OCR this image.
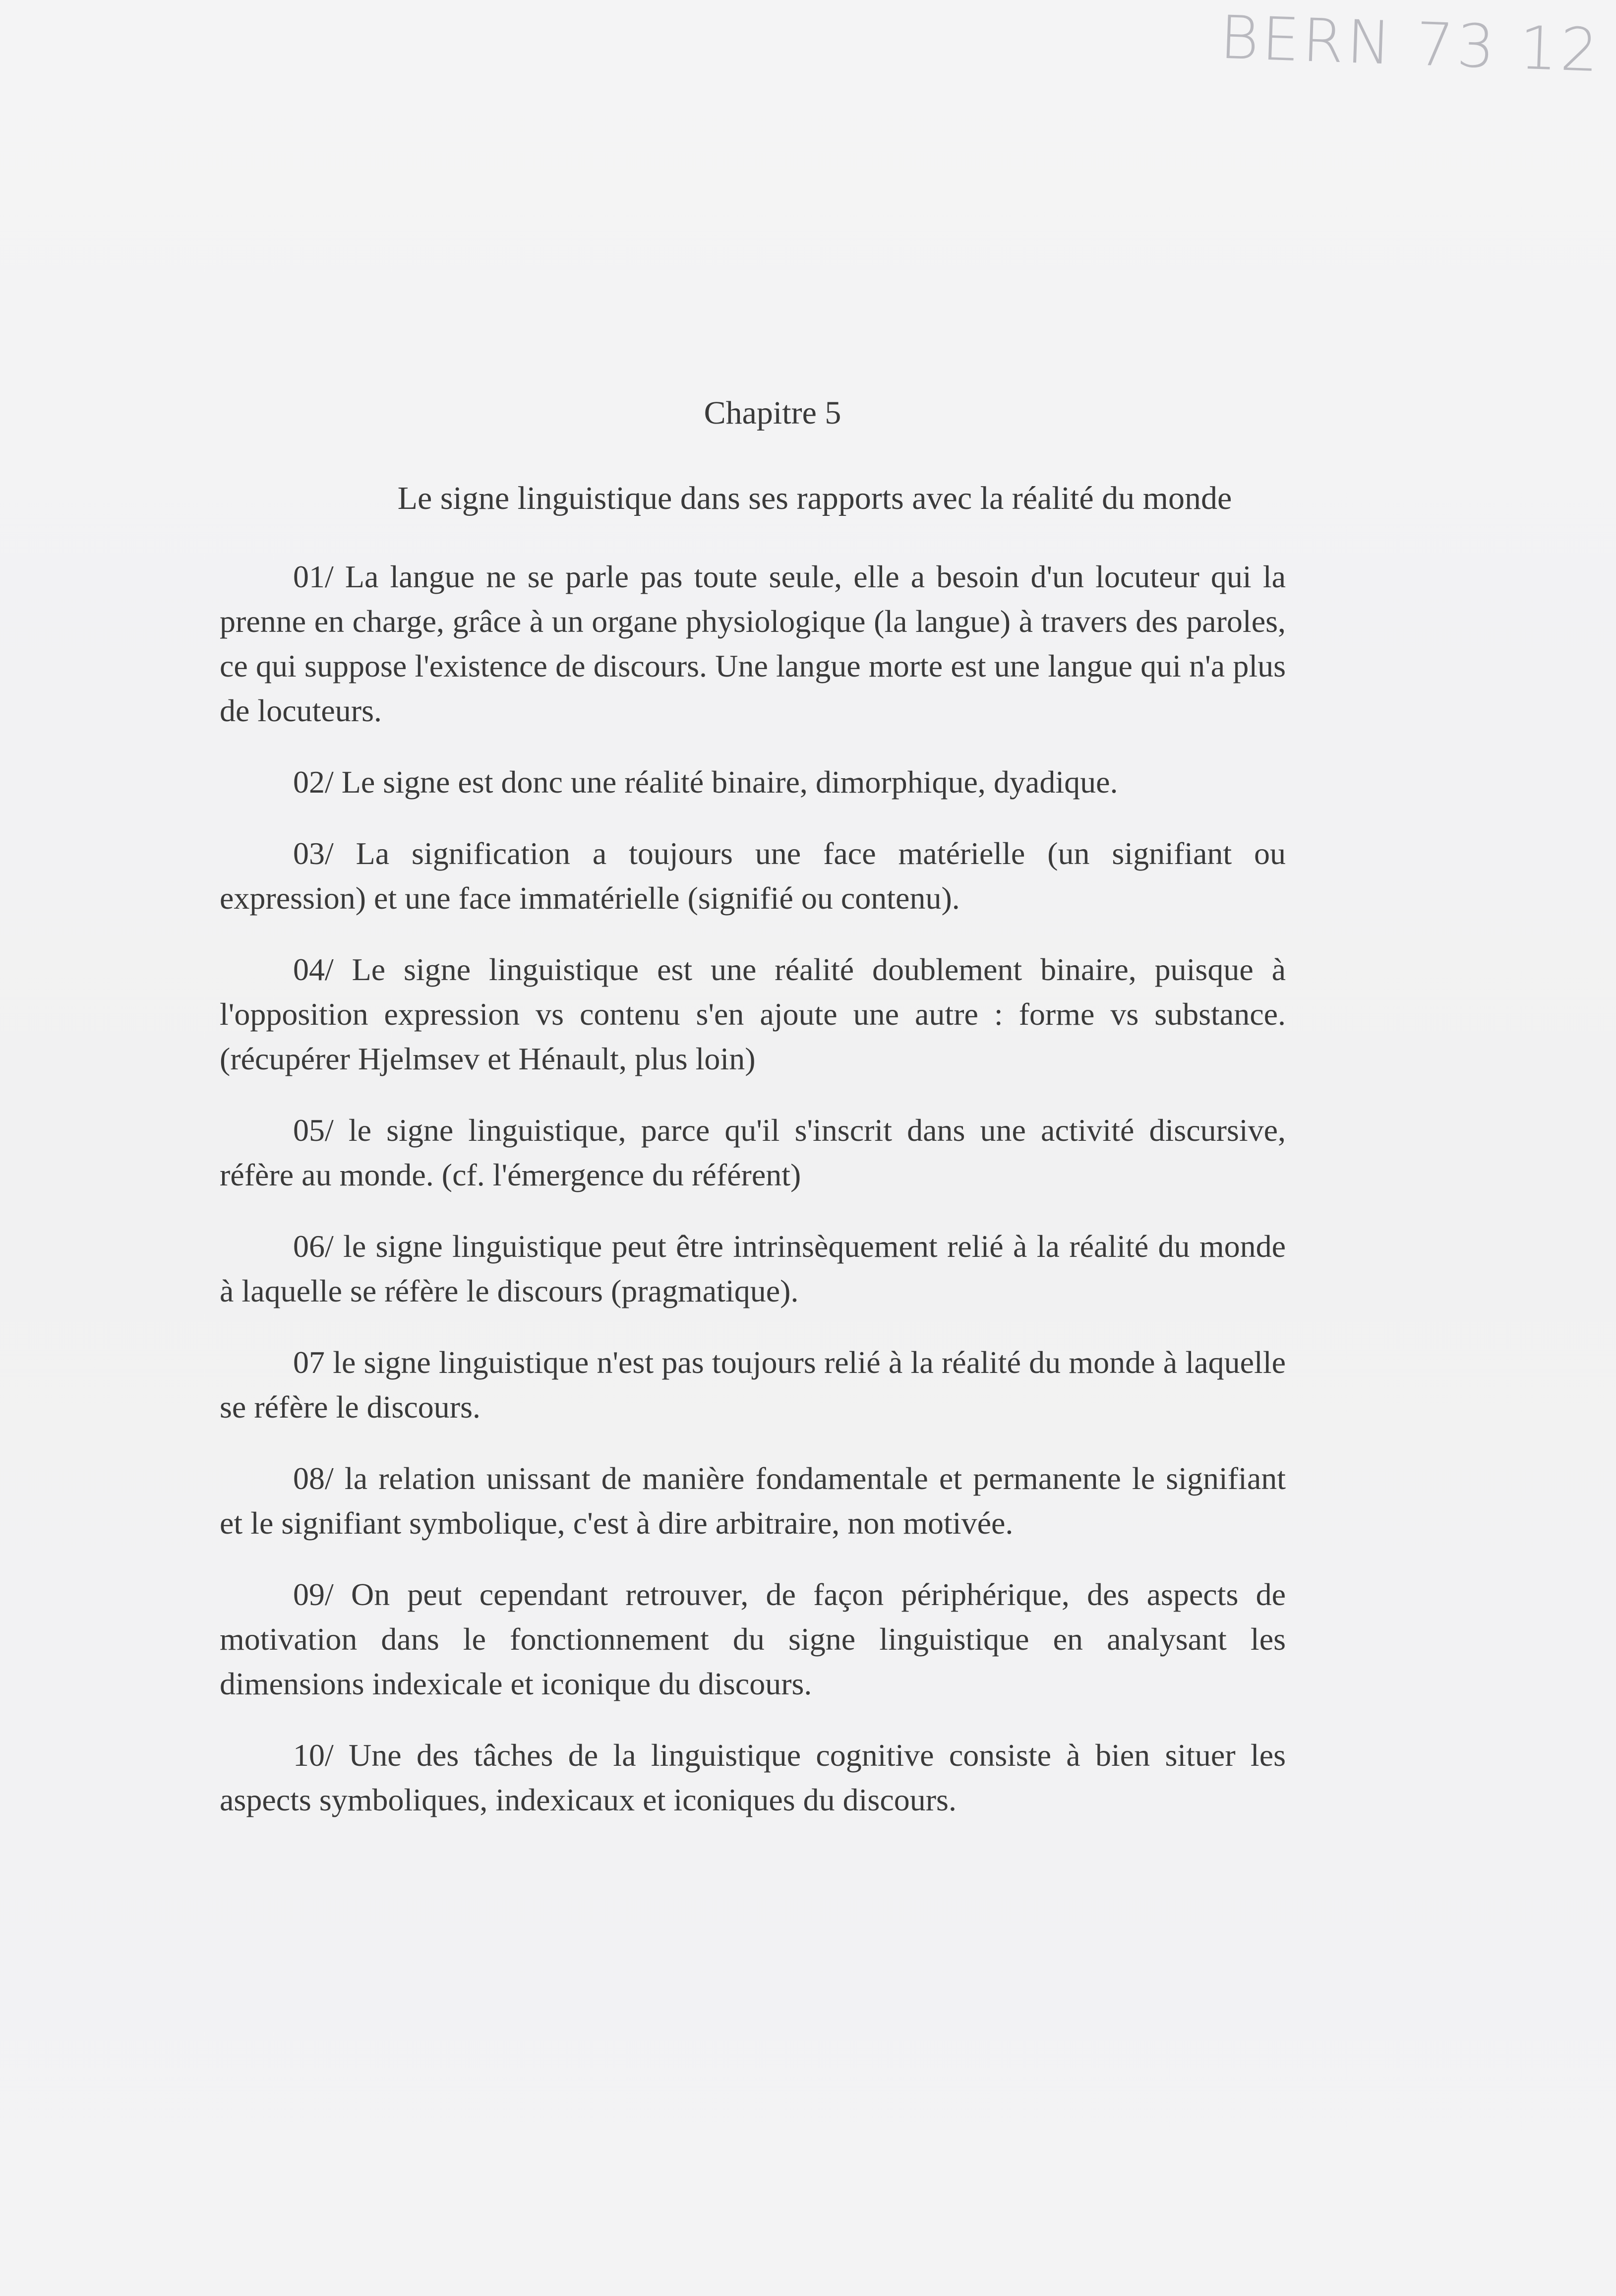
BERN 73 12
Chapitre 5
Le signe linguistique dans ses rapports avec la réalité du monde

01/ La langue ne se parle pas toute seule, elle a besoin d'un locuteur qui la prenne en charge, grâce à un organe physiologique (la langue) à travers des paroles, ce qui suppose l'existence de discours. Une langue morte est une langue qui n'a plus de locuteurs.

02/ Le signe est donc une réalité binaire, dimorphique, dyadique.

03/ La signification a toujours une face matérielle (un signifiant ou expression) et une face immatérielle (signifié ou contenu).

04/ Le signe linguistique est une réalité doublement binaire, puisque à l'opposition expression vs contenu s'en ajoute une autre : forme vs substance. (récupérer Hjelmsev et Hénault, plus loin)

05/ le signe linguistique, parce qu'il s'inscrit dans une activité discursive, réfère au monde. (cf. l'émergence du référent)

06/ le signe linguistique peut être intrinsèquement relié à la réalité du monde à laquelle se réfère le discours (pragmatique).

07 le signe linguistique n'est pas toujours relié à la réalité du monde à laquelle se réfère le discours.

08/ la relation unissant de manière fondamentale et permanente le signifiant et le signifiant symbolique, c'est à dire arbitraire, non motivée.

09/ On peut cependant retrouver, de façon périphérique, des aspects de motivation dans le fonctionnement du signe linguistique en analysant les dimensions indexicale et iconique du discours.

10/ Une des tâches de la linguistique cognitive consiste à bien situer les aspects symboliques, indexicaux et iconiques du discours.
